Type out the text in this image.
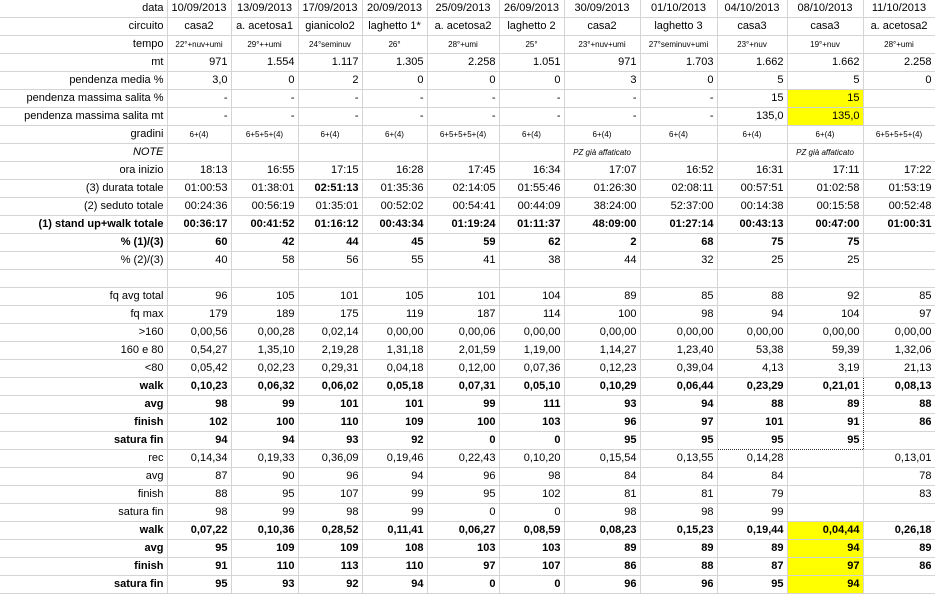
data	10/09/2013	13/09/2013	17/09/2013	20/09/2013	25/09/2013	26/09/2013	30/09/2013	01/10/2013	04/10/2013	08/10/2013	11/10/2013
circuito	casa2	a. acetosa1	gianicolo2	laghetto 1*	a. acetosa2	laghetto 2	casa2	laghetto 3	casa3	casa3	a. acetosa2
tempo	22°+nuv+umi	29°++umi	24°seminuv	26°	28°+umi	25°	23°+nuv+umi	27°seminuv+umi	23°+nuv	19°+nuv	28°+umi
mt	971	1.554	1.117	1.305	2.258	1.051	971	1.703	1.662	1.662	2.258
pendenza media %	3,0	0	2	0	0	0	3	0	5	5	0
pendenza massima salita %	-	-	-	-	-	-	-	-	15	15	
pendenza massima salita mt	-	-	-	-	-	-	-	-	135,0	135,0	
gradini	6+(4)	6+5+5+(4)	6+(4)	6+(4)	6+5+5+5+(4)	6+(4)	6+(4)	6+(4)	6+(4)	6+(4)	6+5+5+5+(4)
NOTE							PZ già affaticato			PZ già affaticato	
ora inizio	18:13	16:55	17:15	16:28	17:45	16:34	17:07	16:52	16:31	17:11	17:22
(3) durata totale	01:00:53	01:38:01	02:51:13	01:35:36	02:14:05	01:55:46	01:26:30	02:08:11	00:57:51	01:02:58	01:53:19
(2) seduto totale	00:24:36	00:56:19	01:35:01	00:52:02	00:54:41	00:44:09	38:24:00	52:37:00	00:14:38	00:15:58	00:52:48
(1) stand up+walk totale	00:36:17	00:41:52	01:16:12	00:43:34	01:19:24	01:11:37	48:09:00	01:27:14	00:43:13	00:47:00	01:00:31
% (1)/(3)	60	42	44	45	59	62	2	68	75	75	
% (2)/(3)	40	58	56	55	41	38	44	32	25	25	

fq avg total	96	105	101	105	101	104	89	85	88	92	85
fq max	179	189	175	119	187	114	100	98	94	104	97
>160	0,00,56	0,00,28	0,02,14	0,00,00	0,00,06	0,00,00	0,00,00	0,00,00	0,00,00	0,00,00	0,00,00
160 e 80	0,54,27	1,35,10	2,19,28	1,31,18	2,01,59	1,19,00	1,14,27	1,23,40	53,38	59,39	1,32,06
<80	0,05,42	0,02,23	0,29,31	0,04,18	0,12,00	0,07,36	0,12,23	0,39,04	4,13	3,19	21,13
walk	0,10,23	0,06,32	0,06,02	0,05,18	0,07,31	0,05,10	0,10,29	0,06,44	0,23,29	0,21,01	0,08,13
avg	98	99	101	101	99	111	93	94	88	89	88
finish	102	100	110	109	100	103	96	97	101	91	86
satura fin	94	94	93	92	0	0	95	95	95	95	
rec	0,14,34	0,19,33	0,36,09	0,19,46	0,22,43	0,10,20	0,15,54	0,13,55	0,14,28		0,13,01
avg	87	90	96	94	96	98	84	84	84		78
finish	88	95	107	99	95	102	81	81	79		83
satura fin	98	99	98	99	0	0	98	98	99		
walk	0,07,22	0,10,36	0,28,52	0,11,41	0,06,27	0,08,59	0,08,23	0,15,23	0,19,44	0,04,44	0,26,18
avg	95	109	109	108	103	103	89	89	89	94	89
finish	91	110	113	110	97	107	86	88	87	97	86
satura fin	95	93	92	94	0	0	96	96	95	94	
